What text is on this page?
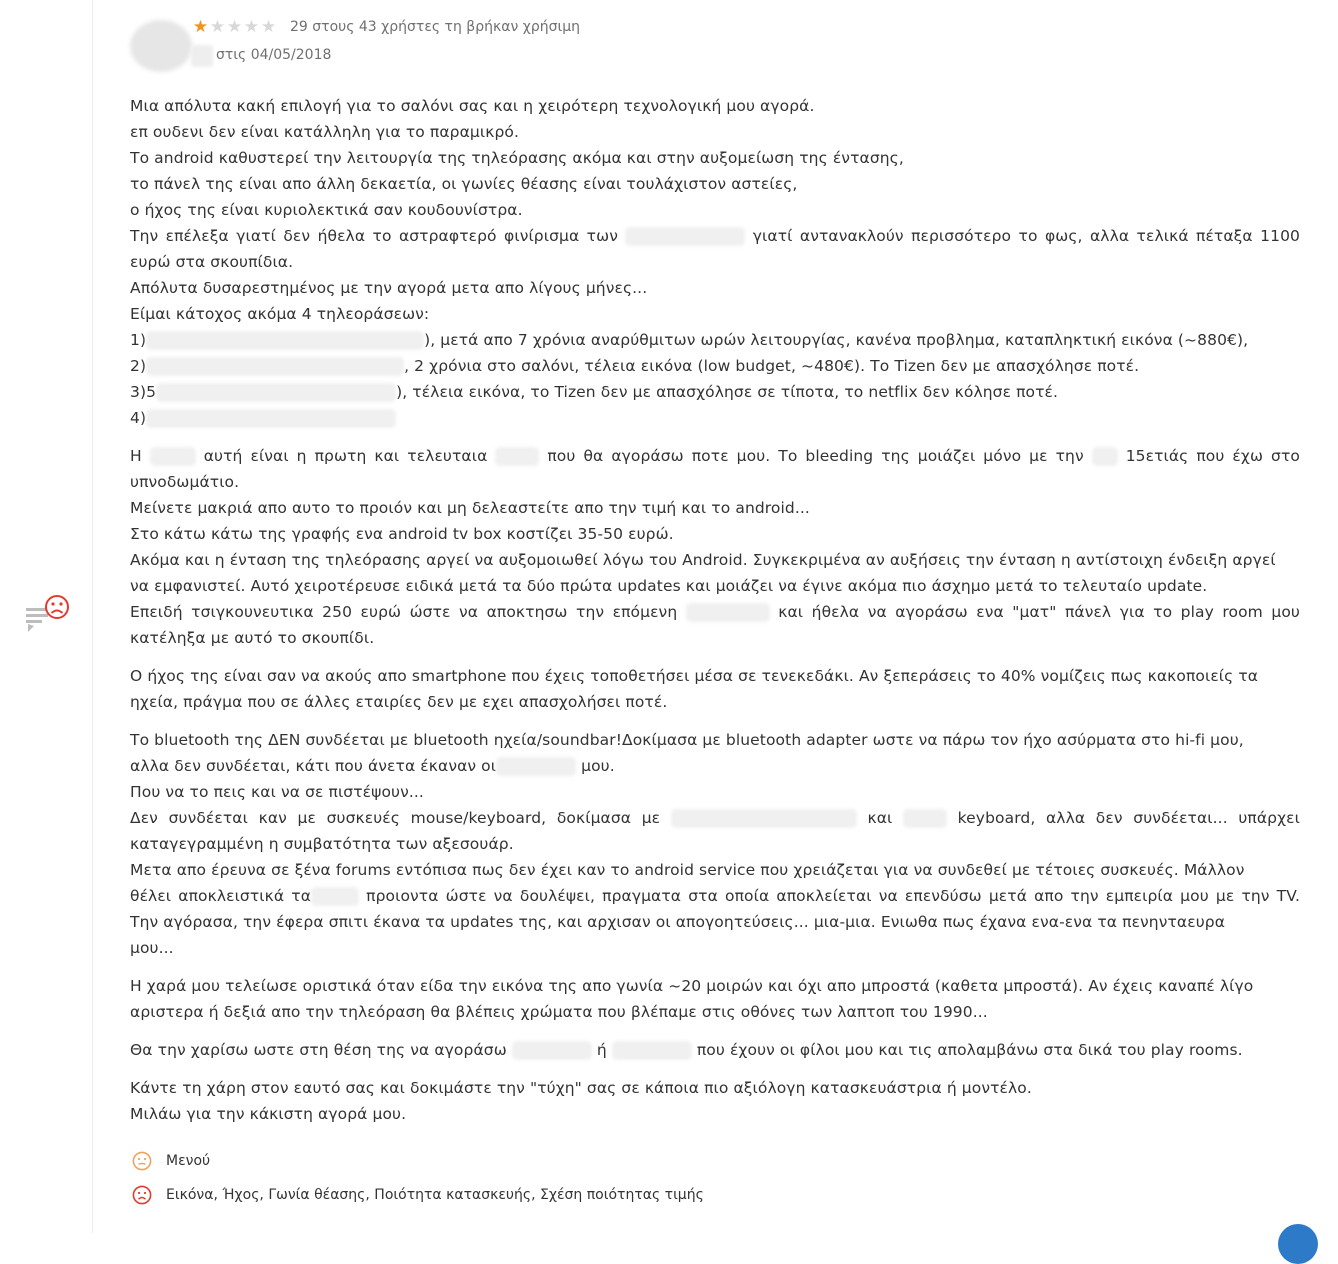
★ ★ ★ ★ ★ 29 στους 43 χρήστες τη βρήκαν χρήσιμη
στις 04/05/2018
Μια απόλυτα κακή επιλογή για το σαλόνι σας και η χειρότερη τεχνολογική μου αγορά.
επ ουδενι δεν είναι κατάλληλη για το παραμικρό.
Το android καθυστερεί την λειτουργία της τηλεόρασης ακόμα και στην αυξομείωση της έντασης,
το πάνελ της είναι απο άλλη δεκαετία, οι γωνίες θέασης είναι τουλάχιστον αστείες,
ο ήχος της είναι κυριολεκτικά σαν κουδουνίστρα.
Την επέλεξα γιατί δεν ήθελα το αστραφτερό φινίρισμα των	γιατί αντανακλούν περισσότερο το φως, αλλα τελικά πέταξα 1100
ευρώ στα σκουπίδια.
Απόλυτα δυσαρεστημένος με την αγορά μετα απο λίγους μήνες...
Είμαι κάτοχος ακόμα 4 τηλεοράσεων:
1)	), μετά απο 7 χρόνια αναρύθμιτων ωρών λειτουργίας, κανένα προβλημα, καταπληκτική εικόνα (~880€),
2)	, 2 χρόνια στο σαλόνι, τέλεια εικόνα (low budget, ~480€). Το Tizen δεν με απασχόλησε ποτέ.
3)5	), τέλεια εικόνα, το Tizen δεν με απασχόλησε σε τίποτα, το netflix δεν κόλησε ποτέ.
4)
Η	αυτή είναι η πρωτη και τελευταια	που θα αγοράσω ποτε μου. Το bleeding της μοιάζει μόνο με την	15ετιάς που έχω στο
υπνοδωμάτιο.
Μείνετε μακριά απο αυτο το προιόν και μη δελεαστείτε απο την τιμή και το android...
Στο κάτω κάτω της γραφής ενα android tv box κοστίζει 35-50 ευρώ.
Ακόμα και η ένταση της τηλεόρασης αργεί να αυξομοιωθεί λόγω του Android. Συγκεκριμένα αν αυξήσεις την ένταση η αντίστοιχη ένδειξη αργεί
να εμφανιστεί. Αυτό χειροτέρευσε ειδικά μετά τα δύο πρώτα updates και μοιάζει να έγινε ακόμα πιο άσχημο μετά το τελευταίο update.
Επειδή τσιγκουνευτικα 250 ευρώ ώστε να αποκτησω την επόμενη	και ήθελα να αγοράσω ενα "ματ" πάνελ για το play room μου
κατέληξα με αυτό το σκουπίδι.
Ο ήχος της είναι σαν να ακούς απο smartphone που έχεις τοποθετήσει μέσα σε τενεκεδάκι. Αν ξεπεράσεις το 40% νομίζεις πως κακοποιείς τα
ηχεία, πράγμα που σε άλλες εταιρίες δεν με εχει απασχολήσει ποτέ.
Το bluetooth της ΔΕΝ συνδέεται με bluetooth ηχεία/soundbar!Δοκίμασα με bluetooth adapter ωστε να πάρω τον ήχο ασύρματα στο hi-fi μου,
αλλα δεν συνδέεται, κάτι που άνετα έκαναν οι	μου.
Που να το πεις και να σε πιστέψουν...
Δεν συνδέεται καν με συσκευές mouse/keyboard, δοκίμασα με	και	keyboard, αλλα δεν συνδέεται... υπάρχει
καταγεγραμμένη η συμβατότητα των αξεσουάρ.
Μετα απο έρευνα σε ξένα forums εντόπισα πως δεν έχει καν το android service που χρειάζεται για να συνδεθεί με τέτοιες συσκευές. Μάλλον
θέλει αποκλειστικά τα	προιοντα ώστε να δουλέψει, πραγματα στα οποία αποκλείεται να επενδύσω μετά απο την εμπειρία μου με την TV.
Την αγόρασα, την έφερα σπιτι έκανα τα updates της, και αρχισαν οι απογοητεύσεις... μια-μια. Ενιωθα πως έχανα ενα-ενα τα πενηνταευρα
μου...
Η χαρά μου τελείωσε οριστικά όταν είδα την εικόνα της απο γωνία ~20 μοιρών και όχι απο μπροστά (καθετα μπροστά). Αν έχεις καναπέ λίγο
αριστερα ή δεξιά απο την τηλεόραση θα βλέπεις χρώματα που βλέπαμε στις οθόνες των λαπτοπ του 1990...
Θα την χαρίσω ωστε στη θέση της να αγοράσω	ή	που έχουν οι φίλοι μου και τις απολαμβάνω στα δικά του play rooms.
Κάντε τη χάρη στον εαυτό σας και δοκιμάστε την "τύχη" σας σε κάποια πιο αξιόλογη κατασκευάστρια ή μοντέλο.
Μιλάω για την κάκιστη αγορά μου.
Μενού
Εικόνα, Ήχος, Γωνία θέασης, Ποιότητα κατασκευής, Σχέση ποιότητας τιμής
